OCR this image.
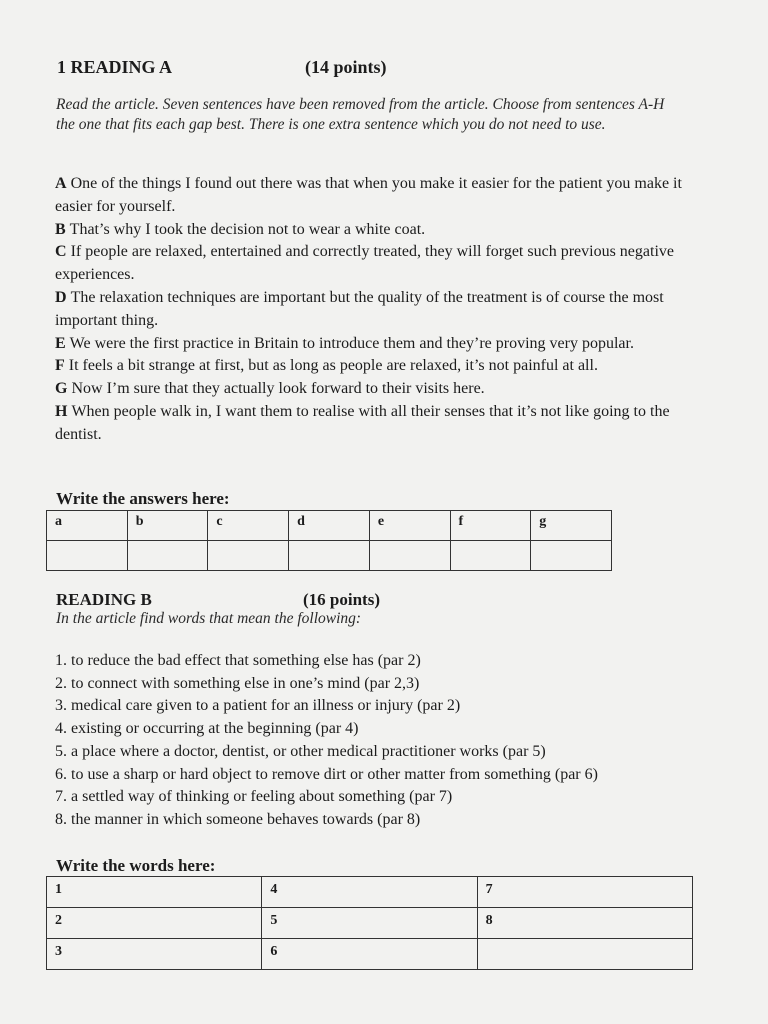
1 READING A	(14 points)
Read the article. Seven sentences have been removed from the article. Choose from sentences A-H the one that fits each gap best. There is one extra sentence which you do not need to use.

A One of the things I found out there was that when you make it easier for the patient you make it easier for yourself.

B That’s why I took the decision not to wear a white coat.

C If people are relaxed, entertained and correctly treated, they will forget such previous negative experiences.

D The relaxation techniques are important but the quality of the treatment is of course the most important thing.

E We were the first practice in Britain to introduce them and they’re proving very popular.

F It feels a bit strange at first, but as long as people are relaxed, it’s not painful at all.

G Now I’m sure that they actually look forward to their visits here.

H When people walk in, I want them to realise with all their senses that it’s not like going to the dentist.

Write the answers here:
a	b	c	d	e	f	g

READING B	(16 points)
In the article find words that mean the following:

1. to reduce the bad effect that something else has (par 2)

2. to connect with something else in one’s mind (par 2,3)

3. medical care given to a patient for an illness or injury (par 2)

4. existing or occurring at the beginning (par 4)

5. a place where a doctor, dentist, or other medical practitioner works (par 5)

6. to use a sharp or hard object to remove dirt or other matter from something (par 6)

7. a settled way of thinking or feeling about something (par 7)

8. the manner in which someone behaves towards (par 8)

Write the words here:
1	4	7
2	5	8
3	6	
